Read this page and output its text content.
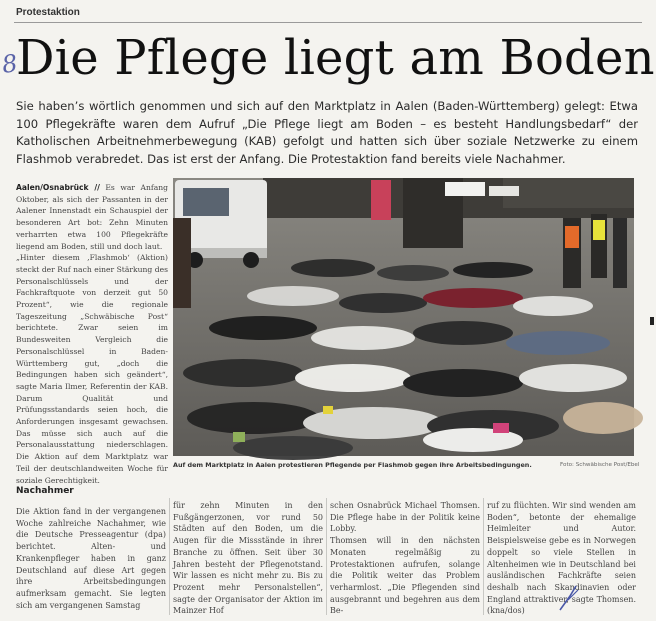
Protestaktion
8
Die Pflege liegt am Boden

Sie haben’s wörtlich genommen und sich auf den Marktplatz in Aalen (Baden-Württemberg) gelegt: Etwa 100 Pflegekräfte waren dem Aufruf „Die Pflege liegt am Boden – es besteht Handlungsbedarf“ der Katholischen Arbeitnehmerbewegung (KAB) gefolgt und hatten sich über soziale Netzwerke zu einem Flashmob verabredet. Das ist erst der Anfang. Die Protestaktion fand bereits viele Nachahmer.

Aalen/Osnabrück // Es war Anfang Oktober, als sich der Passanten in der Aalener Innenstadt ein Schauspiel der besonderen Art bot: Zehn Minuten verharrten etwa 100 Pflegekräfte liegend am Boden, still und doch laut.
„Hinter diesem ‚Flashmob‘ (Aktion) steckt der Ruf nach einer Stärkung des Personalschlüssels und der Fachkraftquote von derzeit gut 50 Prozent“, wie die regionale Tageszeitung „Schwäbische Post“ berichtete. Zwar seien im Bundesweiten Vergleich die Personalschlüssel in Baden-Württemberg gut, „doch die Bedingungen haben sich geändert“, sagte Maria Ilmer, Referentin der KAB. Darum Qualität und Prüfungsstandards seien hoch, die Anforderungen insgesamt gewachsen. Das müsse sich auch auf die Personalausstattung niederschlagen. Die Aktion auf dem Marktplatz war Teil der deutschlandweiten Woche für soziale Gerechtigkeit.
Auf dem Marktplatz in Aalen protestieren Pflegende per Flashmob gegen ihre Arbeitsbedingungen.	Foto: Schwäbische Post/Ebel
Nachahmer

Die Aktion fand in der vergangenen Woche zahlreiche Nachahmer, wie die Deutsche Presseagentur (dpa) berichtet. Alten- und Krankenpfleger haben in ganz Deutschland auf diese Art gegen ihre Arbeitsbedingungen aufmerksam gemacht. Sie legten sich am vergangenen Samstag

für zehn Minuten in den Fußgängerzonen, vor rund 50 Städten auf den Boden, um die Augen für die Missstände in ihrer Branche zu öffnen. Seit über 30 Jahren besteht der Pflegenotstand. Wir lassen es nicht mehr zu. Bis zu Prozent mehr Personalstellen“, sagte der Organisator der Aktion im Mainzer Hof

schen Osnabrück Michael Thomsen. Die Pflege habe in der Politik keine Lobby.
Thomsen will in den nächsten Monaten regelmäßig zu Protestaktionen aufrufen, solange die Politik weiter das Problem verharmlost. „Die Pflegenden sind ausgebrannt und begehren aus dem Be-

ruf zu flüchten. Wir sind wenden am Boden“, betonte der ehemalige Heimleiter und Autor. Beispielsweise gebe es in Norwegen doppelt so viele Stellen in Altenheimen wie in Deutschland bei ausländischen Fachkräfte seien deshalb nach Skandinavien oder England attraktiver, sagte Thomsen. (kna/dos)
